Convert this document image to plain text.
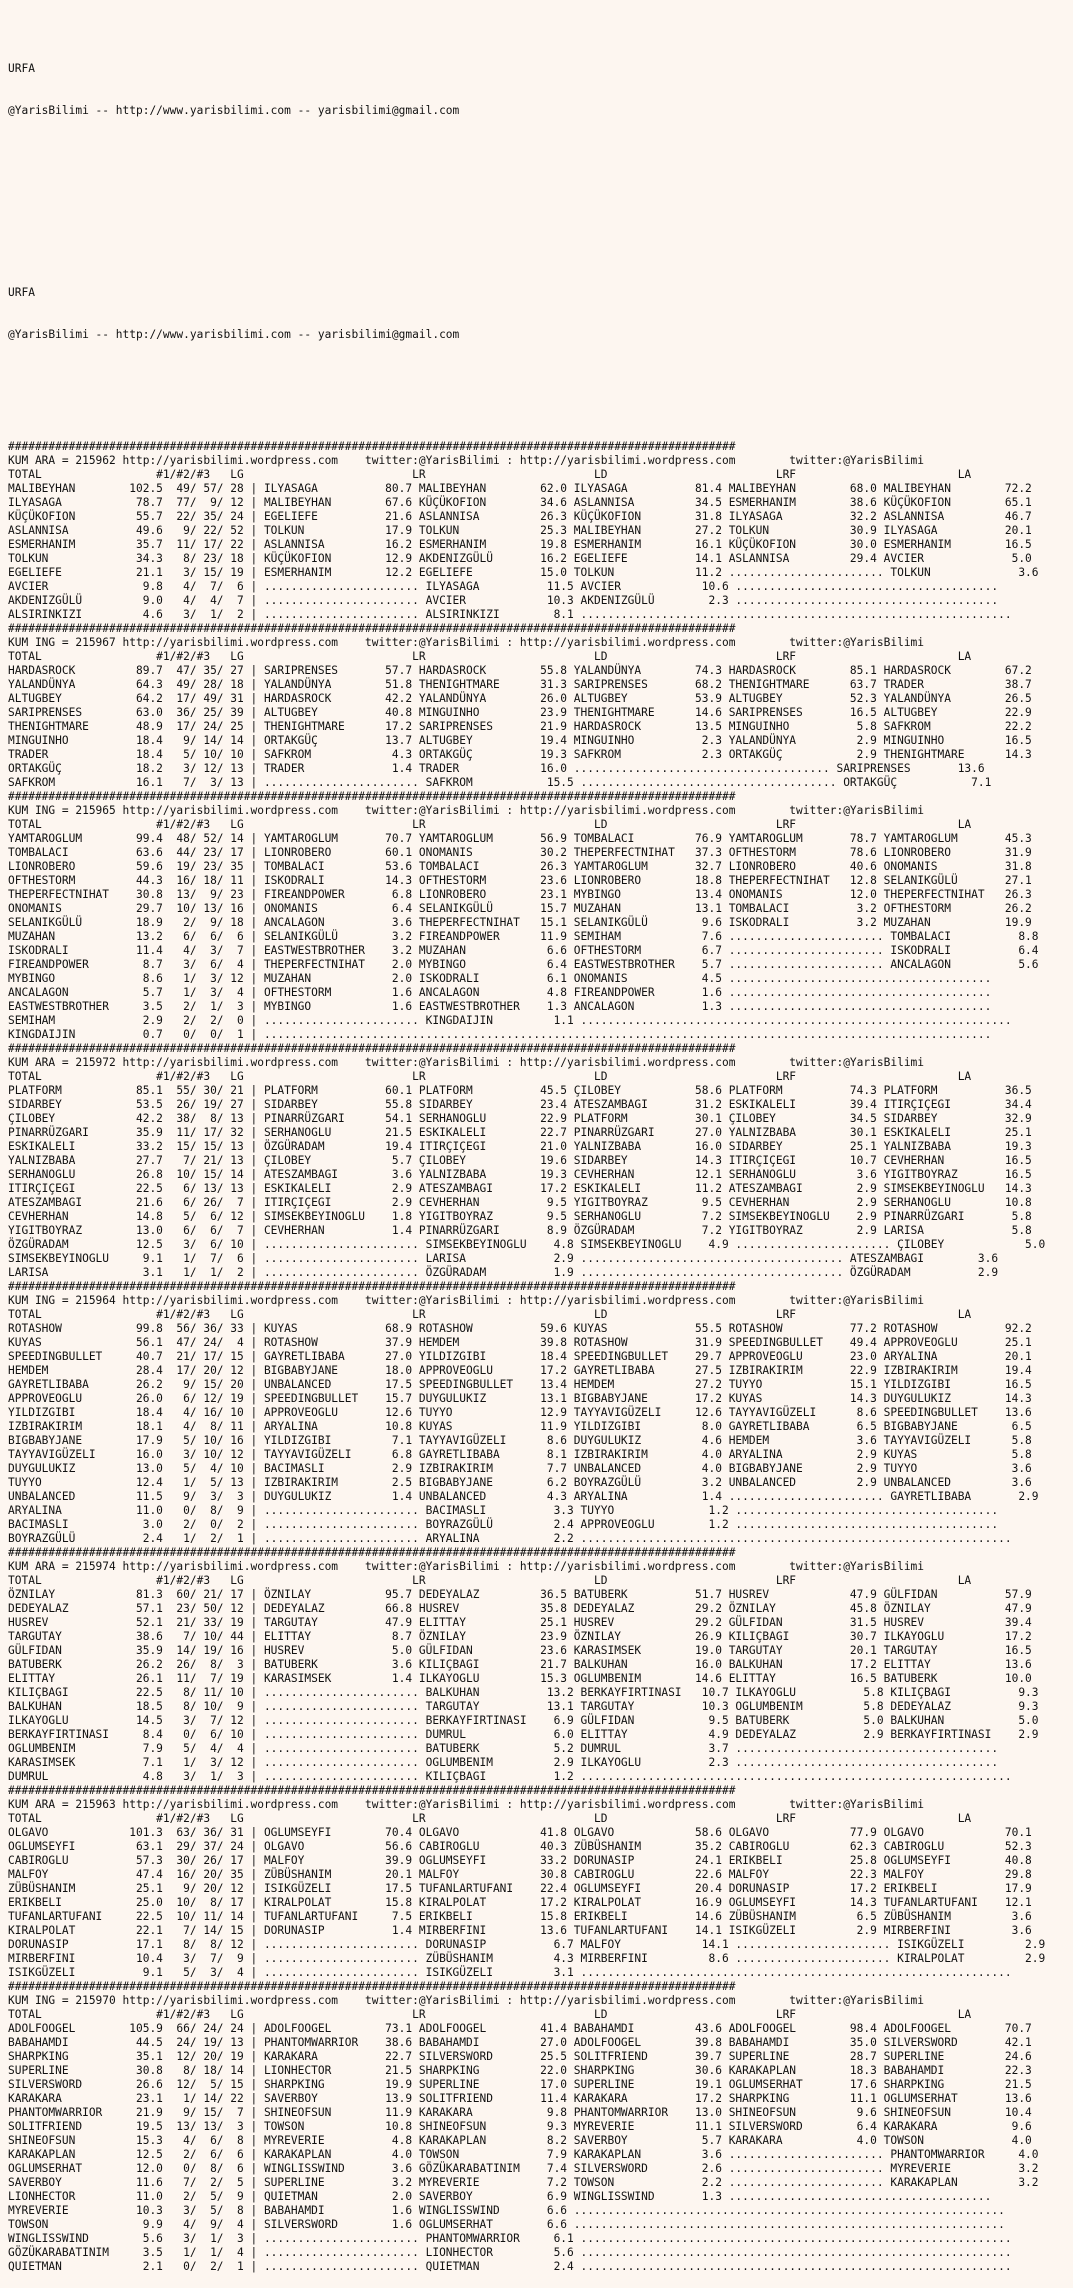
URFA

@YarisBilimi -- http://www.yarisbilimi.com -- yarisbilimi@gmail.com

URFA

@YarisBilimi -- http://www.yarisbilimi.com -- yarisbilimi@gmail.com

############################################################################################################
KUM ARA = 215962 http://yarisbilimi.wordpress.com    twitter:@YarisBilimi : http://yarisbilimi.wordpress.com        twitter:@YarisBilimi
TOTAL                 #1/#2/#3   LG                         LR                         LD                         LRF                        LA
MALIBEYHAN        102.5  49/ 57/ 28 | ILYASAGA          80.7 MALIBEYHAN        62.0 ILYASAGA          81.4 MALIBEYHAN        68.0 MALIBEYHAN        72.2
ILYASAGA           78.7  77/  9/ 12 | MALIBEYHAN        67.6 KÜÇÜKOFION        34.6 ASLANNISA         34.5 ESMERHANIM        38.6 KÜÇÜKOFION        65.1
KÜÇÜKOFION         55.7  22/ 35/ 24 | EGELIEFE          21.6 ASLANNISA         26.3 KÜÇÜKOFION        31.8 ILYASAGA          32.2 ASLANNISA         46.7
ASLANNISA          49.6   9/ 22/ 52 | TOLKUN            17.9 TOLKUN            25.3 MALIBEYHAN        27.2 TOLKUN            30.9 ILYASAGA          20.1
ESMERHANIM         35.7  11/ 17/ 22 | ASLANNISA         16.2 ESMERHANIM        19.8 ESMERHANIM        16.1 KÜÇÜKOFION        30.0 ESMERHANIM        16.5
TOLKUN             34.3   8/ 23/ 18 | KÜÇÜKOFION        12.9 AKDENIZGÜLÜ       16.2 EGELIEFE          14.1 ASLANNISA         29.4 AVCIER             5.0
EGELIEFE           21.1   3/ 15/ 19 | ESMERHANIM        12.2 EGELIEFE          15.0 TOLKUN            11.2 ....................... TOLKUN             3.6
AVCIER              9.8   4/  7/  6 | ....................... ILYASAGA          11.5 AVCIER            10.6 .......................................
AKDENIZGÜLÜ         9.0   4/  4/  7 | ....................... AVCIER            10.3 AKDENIZGÜLÜ        2.3 .......................................
ALSIRINKIZI         4.6   3/  1/  2 | ....................... ALSIRINKIZI        8.1 ................................................................
############################################################################################################
KUM ING = 215967 http://yarisbilimi.wordpress.com    twitter:@YarisBilimi : http://yarisbilimi.wordpress.com        twitter:@YarisBilimi
TOTAL                 #1/#2/#3   LG                         LR                         LD                         LRF                        LA
HARDASROCK         89.7  47/ 35/ 27 | SARIPRENSES       57.7 HARDASROCK        55.8 YALANDÜNYA        74.3 HARDASROCK        85.1 HARDASROCK        67.2
YALANDÜNYA         64.3  49/ 28/ 18 | YALANDÜNYA        51.8 THENIGHTMARE      31.3 SARIPRENSES       68.2 THENIGHTMARE      63.7 TRADER            38.7
ALTUGBEY           64.2  17/ 49/ 31 | HARDASROCK        42.2 YALANDÜNYA        26.0 ALTUGBEY          53.9 ALTUGBEY          52.3 YALANDÜNYA        26.5
SARIPRENSES        63.0  36/ 25/ 39 | ALTUGBEY          40.8 MINGUINHO         23.9 THENIGHTMARE      14.6 SARIPRENSES       16.5 ALTUGBEY          22.9
THENIGHTMARE       48.9  17/ 24/ 25 | THENIGHTMARE      17.2 SARIPRENSES       21.9 HARDASROCK        13.5 MINGUINHO          5.8 SAFKROM           22.2
MINGUINHO          18.4   9/ 14/ 14 | ORTAKGÜÇ          13.7 ALTUGBEY          19.4 MINGUINHO          2.3 YALANDÜNYA         2.9 MINGUINHO         16.5
TRADER             18.4   5/ 10/ 10 | SAFKROM            4.3 ORTAKGÜÇ          19.3 SAFKROM            2.3 ORTAKGÜÇ           2.9 THENIGHTMARE      14.3
ORTAKGÜÇ           18.2   3/ 12/ 13 | TRADER             1.4 TRADER            16.0 ...................................... SARIPRENSES       13.6
SAFKROM            16.1   7/  3/ 13 | ....................... SAFKROM           15.5 ...................................... ORTAKGÜÇ           7.1
############################################################################################################
KUM ING = 215965 http://yarisbilimi.wordpress.com    twitter:@YarisBilimi : http://yarisbilimi.wordpress.com        twitter:@YarisBilimi
TOTAL                 #1/#2/#3   LG                         LR                         LD                         LRF                        LA
YAMTAROGLUM        99.4  48/ 52/ 14 | YAMTAROGLUM       70.7 YAMTAROGLUM       56.9 TOMBALACI         76.9 YAMTAROGLUM       78.7 YAMTAROGLUM       45.3
TOMBALACI          63.6  44/ 23/ 17 | LIONROBERO        60.1 ONOMANIS          30.2 THEPERFECTNIHAT   37.3 OFTHESTORM        78.6 LIONROBERO        31.9
LIONROBERO         59.6  19/ 23/ 35 | TOMBALACI         53.6 TOMBALACI         26.3 YAMTAROGLUM       32.7 LIONROBERO        40.6 ONOMANIS          31.8
OFTHESTORM         44.3  16/ 18/ 11 | ISKODRALI         14.3 OFTHESTORM        23.6 LIONROBERO        18.8 THEPERFECTNIHAT   12.8 SELANIKGÜLÜ       27.1
THEPERFECTNIHAT    30.8  13/  9/ 23 | FIREANDPOWER       6.8 LIONROBERO        23.1 MYBINGO           13.4 ONOMANIS          12.0 THEPERFECTNIHAT   26.3
ONOMANIS           29.7  10/ 13/ 16 | ONOMANIS           6.4 SELANIKGÜLÜ       15.7 MUZAHAN           13.1 TOMBALACI          3.2 OFTHESTORM        26.2
SELANIKGÜLÜ        18.9   2/  9/ 18 | ANCALAGON          3.6 THEPERFECTNIHAT   15.1 SELANIKGÜLÜ        9.6 ISKODRALI          3.2 MUZAHAN           19.9
MUZAHAN            13.2   6/  6/  6 | SELANIKGÜLÜ        3.2 FIREANDPOWER      11.9 SEMIHAM            7.6 ....................... TOMBALACI          8.8
ISKODRALI          11.4   4/  3/  7 | EASTWESTBROTHER    3.2 MUZAHAN            6.6 OFTHESTORM         6.7 ....................... ISKODRALI          6.4
FIREANDPOWER        8.7   3/  6/  4 | THEPERFECTNIHAT    2.0 MYBINGO            6.4 EASTWESTBROTHER    5.7 ....................... ANCALAGON          5.6
MYBINGO             8.6   1/  3/ 12 | MUZAHAN            2.0 ISKODRALI          6.1 ONOMANIS           4.5 .......................................
ANCALAGON           5.7   1/  3/  4 | OFTHESTORM         1.6 ANCALAGON          4.8 FIREANDPOWER       1.6 .......................................
EASTWESTBROTHER     3.5   2/  1/  3 | MYBINGO            1.6 EASTWESTBROTHER    1.3 ANCALAGON          1.3 .......................................
SEMIHAM             2.9   2/  2/  0 | ....................... KINGDAIJIN         1.1 ................................................................
KINGDAIJIN          0.7   0/  0/  1 | ............................................................................................................
############################################################################################################
KUM ARA = 215972 http://yarisbilimi.wordpress.com    twitter:@YarisBilimi : http://yarisbilimi.wordpress.com        twitter:@YarisBilimi
TOTAL                 #1/#2/#3   LG                         LR                         LD                         LRF                        LA
PLATFORM           85.1  55/ 30/ 21 | PLATFORM          60.1 PLATFORM          45.5 ÇILOBEY           58.6 PLATFORM          74.3 PLATFORM          36.5
SIDARBEY           53.5  26/ 19/ 27 | SIDARBEY          55.8 SIDARBEY          23.4 ATESZAMBAGI       31.2 ESKIKALELI        39.4 ITIRÇIÇEGI        34.4
ÇILOBEY            42.2  38/  8/ 13 | PINARRÜZGARI      54.1 SERHANOGLU        22.9 PLATFORM          30.1 ÇILOBEY           34.5 SIDARBEY          32.9
PINARRÜZGARI       35.9  11/ 17/ 32 | SERHANOGLU        21.5 ESKIKALELI        22.7 PINARRÜZGARI      27.0 YALNIZBABA        30.1 ESKIKALELI        25.1
ESKIKALELI         33.2  15/ 15/ 13 | ÖZGÜRADAM         19.4 ITIRÇIÇEGI        21.0 YALNIZBABA        16.0 SIDARBEY          25.1 YALNIZBABA        19.3
YALNIZBABA         27.7   7/ 21/ 13 | ÇILOBEY            5.7 ÇILOBEY           19.6 SIDARBEY          14.3 ITIRÇIÇEGI        10.7 CEVHERHAN         16.5
SERHANOGLU         26.8  10/ 15/ 14 | ATESZAMBAGI        3.6 YALNIZBABA        19.3 CEVHERHAN         12.1 SERHANOGLU         3.6 YIGITBOYRAZ       16.5
ITIRÇIÇEGI         22.5   6/ 13/ 13 | ESKIKALELI         2.9 ATESZAMBAGI       17.2 ESKIKALELI        11.2 ATESZAMBAGI        2.9 SIMSEKBEYINOGLU   14.3
ATESZAMBAGI        21.6   6/ 26/  7 | ITIRÇIÇEGI         2.9 CEVHERHAN          9.5 YIGITBOYRAZ        9.5 CEVHERHAN          2.9 SERHANOGLU        10.8
CEVHERHAN          14.8   5/  6/ 12 | SIMSEKBEYINOGLU    1.8 YIGITBOYRAZ        9.5 SERHANOGLU         7.2 SIMSEKBEYINOGLU    2.9 PINARRÜZGARI       5.8
YIGITBOYRAZ        13.0   6/  6/  7 | CEVHERHAN          1.4 PINARRÜZGARI       8.9 ÖZGÜRADAM          7.2 YIGITBOYRAZ        2.9 LARISA             5.8
ÖZGÜRADAM          12.5   3/  6/ 10 | ....................... SIMSEKBEYINOGLU    4.8 SIMSEKBEYINOGLU    4.9 ....................... ÇILOBEY            5.0
SIMSEKBEYINOGLU     9.1   1/  7/  6 | ....................... LARISA             2.9 ....................................... ATESZAMBAGI        3.6
LARISA              3.1   1/  1/  2 | ....................... ÖZGÜRADAM          1.9 ....................................... ÖZGÜRADAM          2.9
############################################################################################################
KUM ING = 215964 http://yarisbilimi.wordpress.com    twitter:@YarisBilimi : http://yarisbilimi.wordpress.com        twitter:@YarisBilimi
TOTAL                 #1/#2/#3   LG                         LR                         LD                         LRF                        LA
ROTASHOW           99.8  56/ 36/ 33 | KUYAS             68.9 ROTASHOW          59.6 KUYAS             55.5 ROTASHOW          77.2 ROTASHOW          92.2
KUYAS              56.1  47/ 24/  4 | ROTASHOW          37.9 HEMDEM            39.8 ROTASHOW          31.9 SPEEDINGBULLET    49.4 APPROVEOGLU       25.1
SPEEDINGBULLET     40.7  21/ 17/ 15 | GAYRETLIBABA      27.0 YILDIZGIBI        18.4 SPEEDINGBULLET    29.7 APPROVEOGLU       23.0 ARYALINA          20.1
HEMDEM             28.4  17/ 20/ 12 | BIGBABYJANE       18.0 APPROVEOGLU       17.2 GAYRETLIBABA      27.5 IZBIRAKIRIM       22.9 IZBIRAKIRIM       19.4
GAYRETLIBABA       26.2   9/ 15/ 20 | UNBALANCED        17.5 SPEEDINGBULLET    13.4 HEMDEM            27.2 TUYYO             15.1 YILDIZGIBI        16.5
APPROVEOGLU        26.0   6/ 12/ 19 | SPEEDINGBULLET    15.7 DUYGULUKIZ        13.1 BIGBABYJANE       17.2 KUYAS             14.3 DUYGULUKIZ        14.3
YILDIZGIBI         18.4   4/ 16/ 10 | APPROVEOGLU       12.6 TUYYO             12.9 TAYYAVIGÜZELI     12.6 TAYYAVIGÜZELI      8.6 SPEEDINGBULLET    13.6
IZBIRAKIRIM        18.1   4/  8/ 11 | ARYALINA          10.8 KUYAS             11.9 YILDIZGIBI         8.0 GAYRETLIBABA       6.5 BIGBABYJANE        6.5
BIGBABYJANE        17.9   5/ 10/ 16 | YILDIZGIBI         7.1 TAYYAVIGÜZELI      8.6 DUYGULUKIZ         4.6 HEMDEM             3.6 TAYYAVIGÜZELI      5.8
TAYYAVIGÜZELI      16.0   3/ 10/ 12 | TAYYAVIGÜZELI      6.8 GAYRETLIBABA       8.1 IZBIRAKIRIM        4.0 ARYALINA           2.9 KUYAS              5.8
DUYGULUKIZ         13.0   5/  4/ 10 | BACIMASLI          2.9 IZBIRAKIRIM        7.7 UNBALANCED         4.0 BIGBABYJANE        2.9 TUYYO              3.6
TUYYO              12.4   1/  5/ 13 | IZBIRAKIRIM        2.5 BIGBABYJANE        6.2 BOYRAZGÜLÜ         3.2 UNBALANCED         2.9 UNBALANCED         3.6
UNBALANCED         11.5   9/  3/  3 | DUYGULUKIZ         1.4 UNBALANCED         4.3 ARYALINA           1.4 ....................... GAYRETLIBABA       2.9
ARYALINA           11.0   0/  8/  9 | ....................... BACIMASLI          3.3 TUYYO              1.2 .......................................
BACIMASLI           3.0   2/  0/  2 | ....................... BOYRAZGÜLÜ         2.4 APPROVEOGLU        1.2 .......................................
BOYRAZGÜLÜ          2.4   1/  2/  1 | ....................... ARYALINA           2.2 ................................................................
############################################################################################################
KUM ARA = 215974 http://yarisbilimi.wordpress.com    twitter:@YarisBilimi : http://yarisbilimi.wordpress.com        twitter:@YarisBilimi
TOTAL                 #1/#2/#3   LG                         LR                         LD                         LRF                        LA
ÖZNILAY            81.3  60/ 21/ 17 | ÖZNILAY           95.7 DEDEYALAZ         36.5 BATUBERK          51.7 HUSREV            47.9 GÜLFIDAN          57.9
DEDEYALAZ          57.1  23/ 50/ 12 | DEDEYALAZ         66.8 HUSREV            35.8 DEDEYALAZ         29.2 ÖZNILAY           45.8 ÖZNILAY           47.9
HUSREV             52.1  21/ 33/ 19 | TARGUTAY          47.9 ELITTAY           25.1 HUSREV            29.2 GÜLFIDAN          31.5 HUSREV            39.4
TARGUTAY           38.6   7/ 10/ 44 | ELITTAY            8.7 ÖZNILAY           23.9 ÖZNILAY           26.9 KILIÇBAGI         30.7 ILKAYOGLU         17.2
GÜLFIDAN           35.9  14/ 19/ 16 | HUSREV             5.0 GÜLFIDAN          23.6 KARASIMSEK        19.0 TARGUTAY          20.1 TARGUTAY          16.5
BATUBERK           26.2  26/  8/  3 | BATUBERK           3.6 KILIÇBAGI         21.7 BALKUHAN          16.0 BALKUHAN          17.2 ELITTAY           13.6
ELITTAY            26.1  11/  7/ 19 | KARASIMSEK         1.4 ILKAYOGLU         15.3 OGLUMBENIM        14.6 ELITTAY           16.5 BATUBERK          10.0
KILIÇBAGI          22.5   8/ 11/ 10 | ....................... BALKUHAN          13.2 BERKAYFIRTINASI   10.7 ILKAYOGLU          5.8 KILIÇBAGI          9.3
BALKUHAN           18.5   8/ 10/  9 | ....................... TARGUTAY          13.1 TARGUTAY          10.3 OGLUMBENIM         5.8 DEDEYALAZ          9.3
ILKAYOGLU          14.5   3/  7/ 12 | ....................... BERKAYFIRTINASI    6.9 GÜLFIDAN           9.5 BATUBERK           5.0 BALKUHAN           5.0
BERKAYFIRTINASI     8.4   0/  6/ 10 | ....................... DUMRUL             6.0 ELITTAY            4.9 DEDEYALAZ          2.9 BERKAYFIRTINASI    2.9
OGLUMBENIM          7.9   5/  4/  4 | ....................... BATUBERK           5.2 DUMRUL             3.7 .......................................
KARASIMSEK          7.1   1/  3/ 12 | ....................... OGLUMBENIM         2.9 ILKAYOGLU          2.3 .......................................
DUMRUL              4.8   3/  1/  3 | ....................... KILIÇBAGI          1.2 ................................................................
############################################################################################################
KUM ARA = 215963 http://yarisbilimi.wordpress.com    twitter:@YarisBilimi : http://yarisbilimi.wordpress.com        twitter:@YarisBilimi
TOTAL                 #1/#2/#3   LG                         LR                         LD                         LRF                        LA
OLGAVO            101.3  63/ 36/ 31 | OGLUMSEYFI        70.4 OLGAVO            41.8 OLGAVO            58.6 OLGAVO            77.9 OLGAVO            70.1
OGLUMSEYFI         63.1  29/ 37/ 24 | OLGAVO            56.6 CABIROGLU         40.3 ZÜBÜSHANIM        35.2 CABIROGLU         62.3 CABIROGLU         52.3
CABIROGLU          57.3  30/ 26/ 17 | MALFOY            39.9 OGLUMSEYFI        33.2 DORUNASIP         24.1 ERIKBELI          25.8 OGLUMSEYFI        40.8
MALFOY             47.4  16/ 20/ 35 | ZÜBÜSHANIM        20.1 MALFOY            30.8 CABIROGLU         22.6 MALFOY            22.3 MALFOY            29.8
ZÜBÜSHANIM         25.1   9/ 20/ 12 | ISIKGÜZELI        17.5 TUFANLARTUFANI    22.4 OGLUMSEYFI        20.4 DORUNASIP         17.2 ERIKBELI          17.9
ERIKBELI           25.0  10/  8/ 17 | KIRALPOLAT        15.8 KIRALPOLAT        17.2 KIRALPOLAT        16.9 OGLUMSEYFI        14.3 TUFANLARTUFANI    12.1
TUFANLARTUFANI     22.5  10/ 11/ 14 | TUFANLARTUFANI     7.5 ERIKBELI          15.8 ERIKBELI          14.6 ZÜBÜSHANIM         6.5 ZÜBÜSHANIM         3.6
KIRALPOLAT         22.1   7/ 14/ 15 | DORUNASIP          1.4 MIRBERFINI        13.6 TUFANLARTUFANI    14.1 ISIKGÜZELI         2.9 MIRBERFINI         3.6
DORUNASIP          17.1   8/  8/ 12 | ....................... DORUNASIP          6.7 MALFOY            14.1 ....................... ISIKGÜZELI         2.9
MIRBERFINI         10.4   3/  7/  9 | ....................... ZÜBÜSHANIM         4.3 MIRBERFINI         8.6 ....................... KIRALPOLAT         2.9
ISIKGÜZELI          9.1   5/  3/  4 | ....................... ISIKGÜZELI         3.1 ................................................................
############################################################################################################
KUM ING = 215970 http://yarisbilimi.wordpress.com    twitter:@YarisBilimi : http://yarisbilimi.wordpress.com        twitter:@YarisBilimi
TOTAL                 #1/#2/#3   LG                         LR                         LD                         LRF                        LA
ADOLFOOGEL        105.9  66/ 24/ 24 | ADOLFOOGEL        73.1 ADOLFOOGEL        41.4 BABAHAMDI         43.6 ADOLFOOGEL        98.4 ADOLFOOGEL        70.7
BABAHAMDI          44.5  24/ 19/ 13 | PHANTOMWARRIOR    38.6 BABAHAMDI         27.0 ADOLFOOGEL        39.8 BABAHAMDI         35.0 SILVERSWORD       42.1
SHARPKING          35.1  12/ 20/ 19 | KARAKARA          22.7 SILVERSWORD       25.5 SOLITFRIEND       39.7 SUPERLINE         28.7 SUPERLINE         24.6
SUPERLINE          30.8   8/ 18/ 14 | LIONHECTOR        21.5 SHARPKING         22.0 SHARPKING         30.6 KARAKAPLAN        18.3 BABAHAMDI         22.3
SILVERSWORD        26.6  12/  5/ 15 | SHARPKING         19.9 SUPERLINE         17.0 SUPERLINE         19.1 OGLUMSERHAT       17.6 SHARPKING         21.5
KARAKARA           23.1   1/ 14/ 22 | SAVERBOY          13.9 SOLITFRIEND       11.4 KARAKARA          17.2 SHARPKING         11.1 OGLUMSERHAT       13.6
PHANTOMWARRIOR     21.9   9/ 15/  7 | SHINEOFSUN        11.9 KARAKARA           9.8 PHANTOMWARRIOR    13.0 SHINEOFSUN         9.6 SHINEOFSUN        10.4
SOLITFRIEND        19.5  13/ 13/  3 | TOWSON            10.8 SHINEOFSUN         9.3 MYREVERIE         11.1 SILVERSWORD        6.4 KARAKARA           9.6
SHINEOFSUN         15.3   4/  6/  8 | MYREVERIE          4.8 KARAKAPLAN         8.2 SAVERBOY           5.7 KARAKARA           4.0 TOWSON             4.0
KARAKAPLAN         12.5   2/  6/  6 | KARAKAPLAN         4.0 TOWSON             7.9 KARAKAPLAN         3.6 ....................... PHANTOMWARRIOR     4.0
OGLUMSERHAT        12.0   0/  8/  6 | WINGLISSWIND       3.6 GÖZÜKARABATINIM    7.4 SILVERSWORD        2.6 ....................... MYREVERIE          3.2
SAVERBOY           11.6   7/  2/  5 | SUPERLINE          3.2 MYREVERIE          7.2 TOWSON             2.2 ....................... KARAKAPLAN         3.2
LIONHECTOR         11.0   2/  5/  9 | QUIETMAN           2.0 SAVERBOY           6.9 WINGLISSWIND       1.3 .......................................
MYREVERIE          10.3   3/  5/  8 | BABAHAMDI          1.6 WINGLISSWIND       6.6 ................................................................
TOWSON              9.9   4/  9/  4 | SILVERSWORD        1.6 OGLUMSERHAT        6.6 ................................................................
WINGLISSWIND        5.6   3/  1/  3 | ....................... PHANTOMWARRIOR     6.1 ................................................................
GÖZÜKARABATINIM     3.5   1/  1/  4 | ....................... LIONHECTOR         5.6 ................................................................
QUIETMAN            2.1   0/  2/  1 | ....................... QUIETMAN           2.4 ................................................................
